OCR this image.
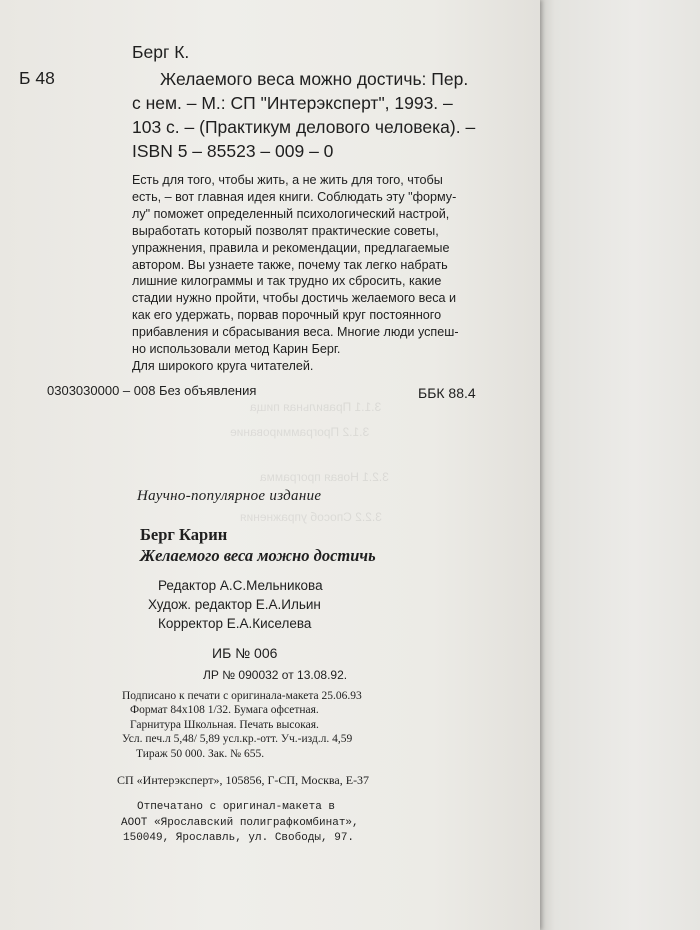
3.1.1 Правильная пища
3.1.2 Программирование
3.2.1 Новая программа
3.2.2 Способ упражнения
Б 48
Берг К.
Желаемого веса можно достичь: Пер.
с нем. – М.: СП "Интерэксперт", 1993. –
103 с. – (Практикум делового человека). –
ISBN 5 – 85523 – 009 – 0
Есть для того, чтобы жить, а не жить для того, чтобы
есть, – вот главная идея книги. Соблюдать эту "форму-
лу" поможет определенный психологический настрой,
выработать который позволят практические советы,
упражнения, правила и рекомендации, предлагаемые
автором. Вы узнаете также, почему так легко набрать
лишние килограммы и так трудно их сбросить, какие
стадии нужно пройти, чтобы достичь желаемого веса и
как его удержать, порвав порочный круг постоянного
прибавления и сбрасывания веса. Многие люди успеш-
но использовали метод Карин Берг.
Для широкого круга читателей.
0303030000 – 008 Без объявления	ББК 88.4
Научно-популярное издание
Берг Карин
Желаемого веса можно достичь
Редактор А.С.Мельникова
Худож. редактор Е.А.Ильин
Корректор Е.А.Киселева
ИБ № 006
ЛР № 090032 от 13.08.92.
Подписано к печати с оригинала-макета 25.06.93
Формат 84х108 1/32. Бумага офсетная.
Гарнитура Школьная. Печать высокая.
Усл. печ.л 5,48/ 5,89 усл.кр.-отт. Уч.-изд.л. 4,59
Тираж 50 000. Зак. № 655.
СП «Интерэксперт», 105856, Г-СП, Москва, Е-37
Отпечатано с оригинал-макета в
АООТ «Ярославский полиграфкомбинат»,
150049, Ярославль, ул. Свободы, 97.
